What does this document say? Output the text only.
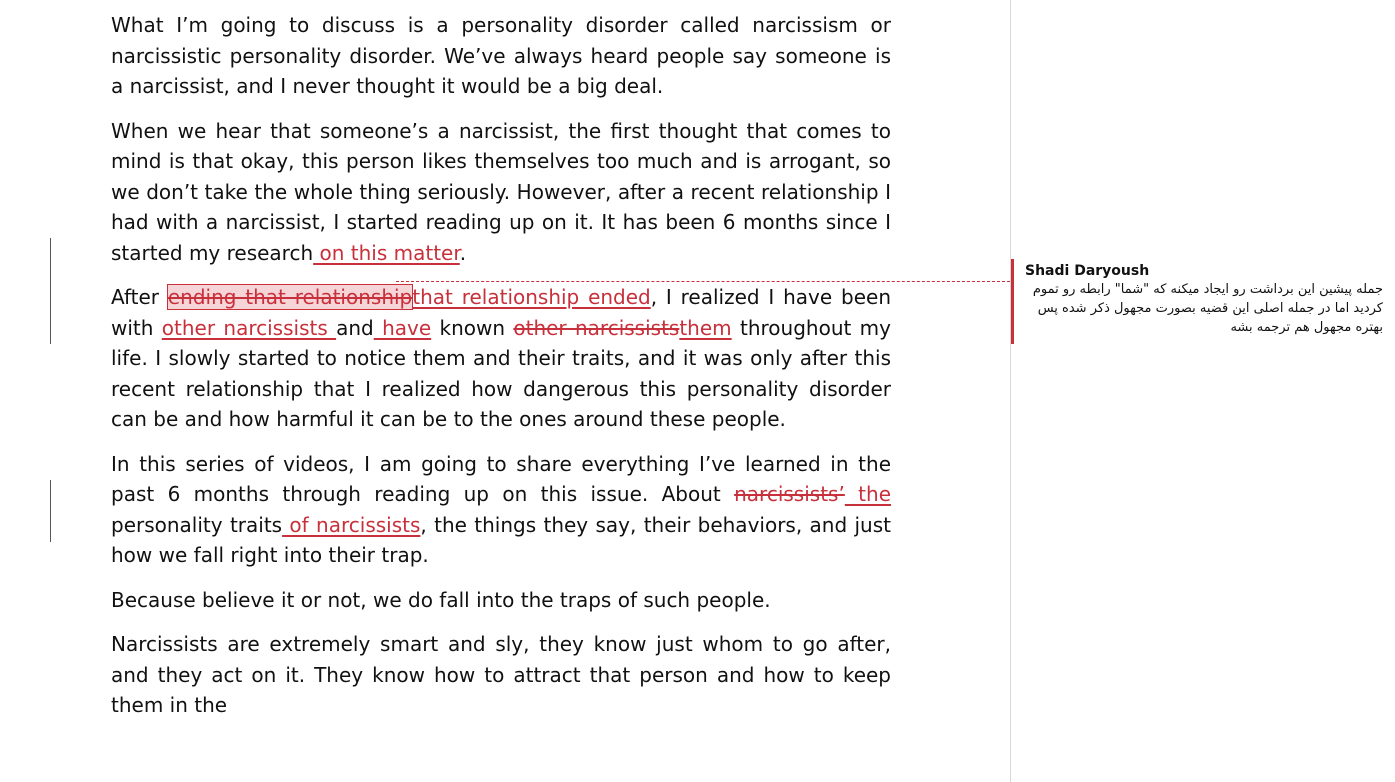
What I’m going to discuss is a personality disorder called narcissism or narcissistic personality disorder. We’ve always heard people say someone is a narcissist, and I never thought it would be a big deal.

When we hear that someone’s a narcissist, the first thought that comes to mind is that okay, this person likes themselves too much and is arrogant, so we don’t take the whole thing seriously. However, after a recent relationship I had with a narcissist, I started reading up on it. It has been 6 months since I started my research on this matter.

After ending that relationshipthat relationship ended, I realized I have been with other narcissists and have known other narcissiststhem throughout my life. I slowly started to notice them and their traits, and it was only after this recent relationship that I realized how dangerous this personality disorder can be and how harmful it can be to the ones around these people.

In this series of videos, I am going to share everything I’ve learned in the past 6 months through reading up on this issue. About narcissists’ the personality traits of narcissists, the things they say, their behaviors, and just how we fall right into their trap.

Because believe it or not, we do fall into the traps of such people.

Narcissists are extremely smart and sly, they know just whom to go after, and they act on it. They know how to attract that person and how to keep them in the

Shadi Daryoush
جمله پیشین این برداشت رو ایجاد میکنه که "شما" رابطه رو تموم کردید اما در جمله اصلی این قضیه بصورت مجهول ذکر شده پس بهتره مجهول هم ترجمه بشه
